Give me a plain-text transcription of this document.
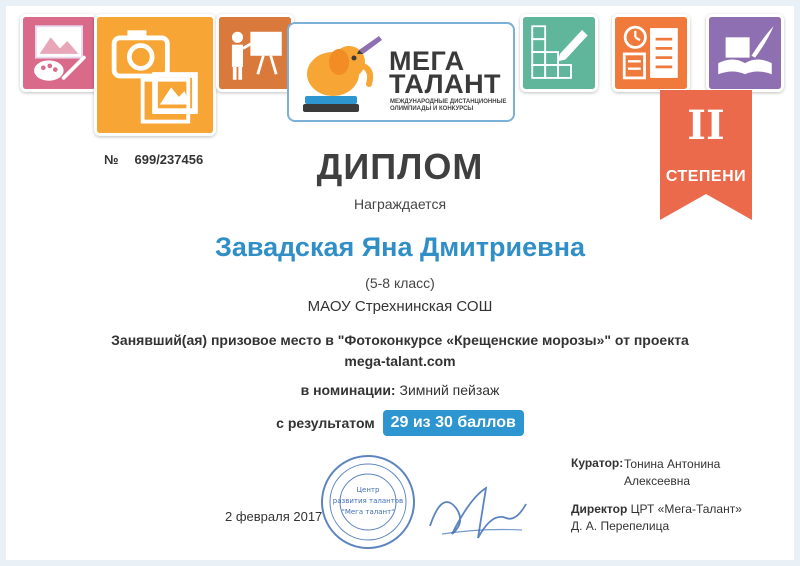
МЕГА
ТАЛАНТ
МЕЖДУНАРОДНЫЕ ДИСТАНЦИОННЫЕ ОЛИМПИАДЫ И КОНКУРСЫ	II
СТЕПЕНИ
№ 699/237456	ДИПЛОМ
Награждается
Завадская Яна Дмитриевна
(5-8 класс)
МАОУ Стрехнинская СОШ
Занявший(ая) призовое место в "Фотоконкурсе «Крещенские морозы»" от проекта mega-talant.com
в номинации: Зимний пейзаж
с результатом 29 из 30 баллов
Центр
развития талантов
"Мега талант"
2 февраля 2017
Куратор: Тонина Антонина Алексеевна
Директор ЦРТ «Мега-Талант»
Д. А. Перепелица
